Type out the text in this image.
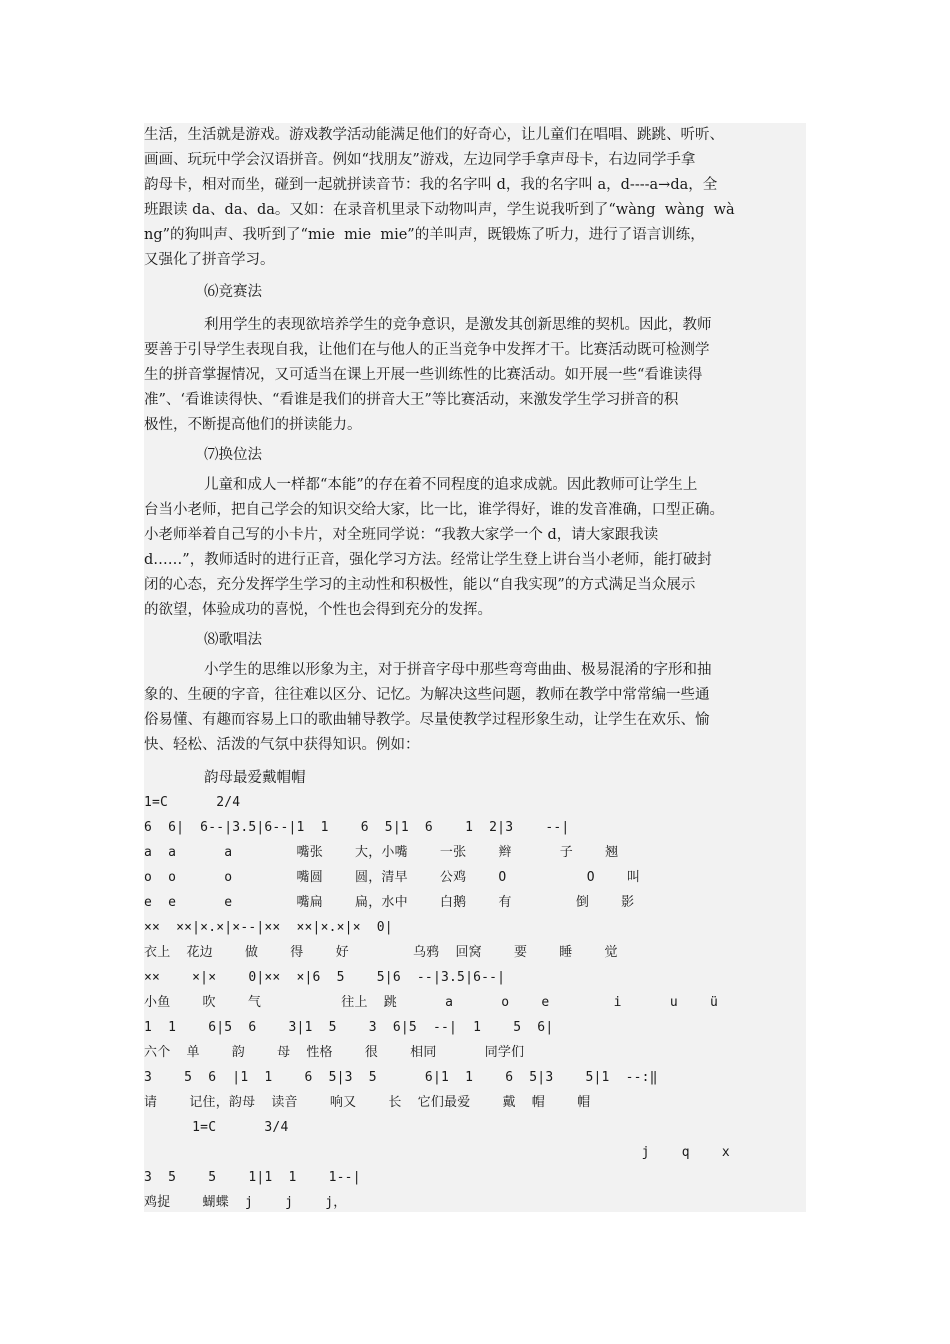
生活，生活就是游戏。游戏教学活动能满足他们的好奇心，让儿童们在唱唱、跳跳、听听、
画画、玩玩中学会汉语拼音。例如“找朋友”游戏，左边同学手拿声母卡，右边同学手拿
韵母卡，相对而坐，碰到一起就拼读音节：我的名字叫 d，我的名字叫 a，d----a→da，全
班跟读 da、da、da。又如：在录音机里录下动物叫声，学生说我听到了“wàng  wàng  wà
ng”的狗叫声、我听到了“mie  mie  mie”的羊叫声，既锻炼了听力，进行了语言训练，
又强化了拼音学习。
⑹竞赛法
利用学生的表现欲培养学生的竞争意识，是激发其创新思维的契机。因此，教师
要善于引导学生表现自我，让他们在与他人的正当竞争中发挥才干。比赛活动既可检测学
生的拼音掌握情况，又可适当在课上开展一些训练性的比赛活动。如开展一些“看谁读得
准”、‘看谁读得快、“看谁是我们的拼音大王”等比赛活动，来激发学生学习拼音的积
极性，不断提高他们的拼读能力。
⑺换位法
儿童和成人一样都“本能”的存在着不同程度的追求成就。因此教师可让学生上
台当小老师，把自己学会的知识交给大家，比一比，谁学得好，谁的发音准确，口型正确。
小老师举着自己写的小卡片，对全班同学说：“我教大家学一个 d，请大家跟我读
d……”，教师适时的进行正音，强化学习方法。经常让学生登上讲台当小老师，能打破封
闭的心态，充分发挥学生学习的主动性和积极性，能以“自我实现”的方式满足当众展示
的欲望，体验成功的喜悦，个性也会得到充分的发挥。
⑻歌唱法
小学生的思维以形象为主，对于拼音字母中那些弯弯曲曲、极易混淆的字形和抽
象的、生硬的字音，往往难以区分、记忆。为解决这些问题，教师在教学中常常编一些通
俗易懂、有趣而容易上口的歌曲辅导教学。尽量使教学过程形象生动，让学生在欢乐、愉
快、轻松、活泼的气氛中获得知识。例如：
韵母最爱戴帽帽
1=C      2/4
6  6|  6--|3.5|6--|1  1    6  5|1  6    1  2|3    --|
a  a      a        嘴张    大，小嘴    一张    辫      子    翘
o  o      o        嘴圆    圆，清早    公鸡    O          O    叫
e  e      e        嘴扁    扁，水中    白鹅    有        倒    影
××  ××|×.×|×--|××  ××|×.×|×  0|
衣上  花边    做    得    好        乌鸦  回窝    要    睡    觉
××    ×|×    0|××  ×|6  5    5|6  --|3.5|6--|
小鱼    吹    气          往上  跳      a      o    e        i      u    ü
1  1    6|5  6    3|1  5    3  6|5  --|  1    5  6|
六个  单    韵    母  性格    很    相同      同学们
3    5  6  |1  1    6  5|3  5      6|1  1    6  5|3    5|1  --:‖
请    记住，韵母  读音    响又    长  它们最爱    戴  帽    帽
1=C      3/4
j    q    x
3  5    5    1|1  1    1--|
鸡捉    蝴蝶  j    j    j，
